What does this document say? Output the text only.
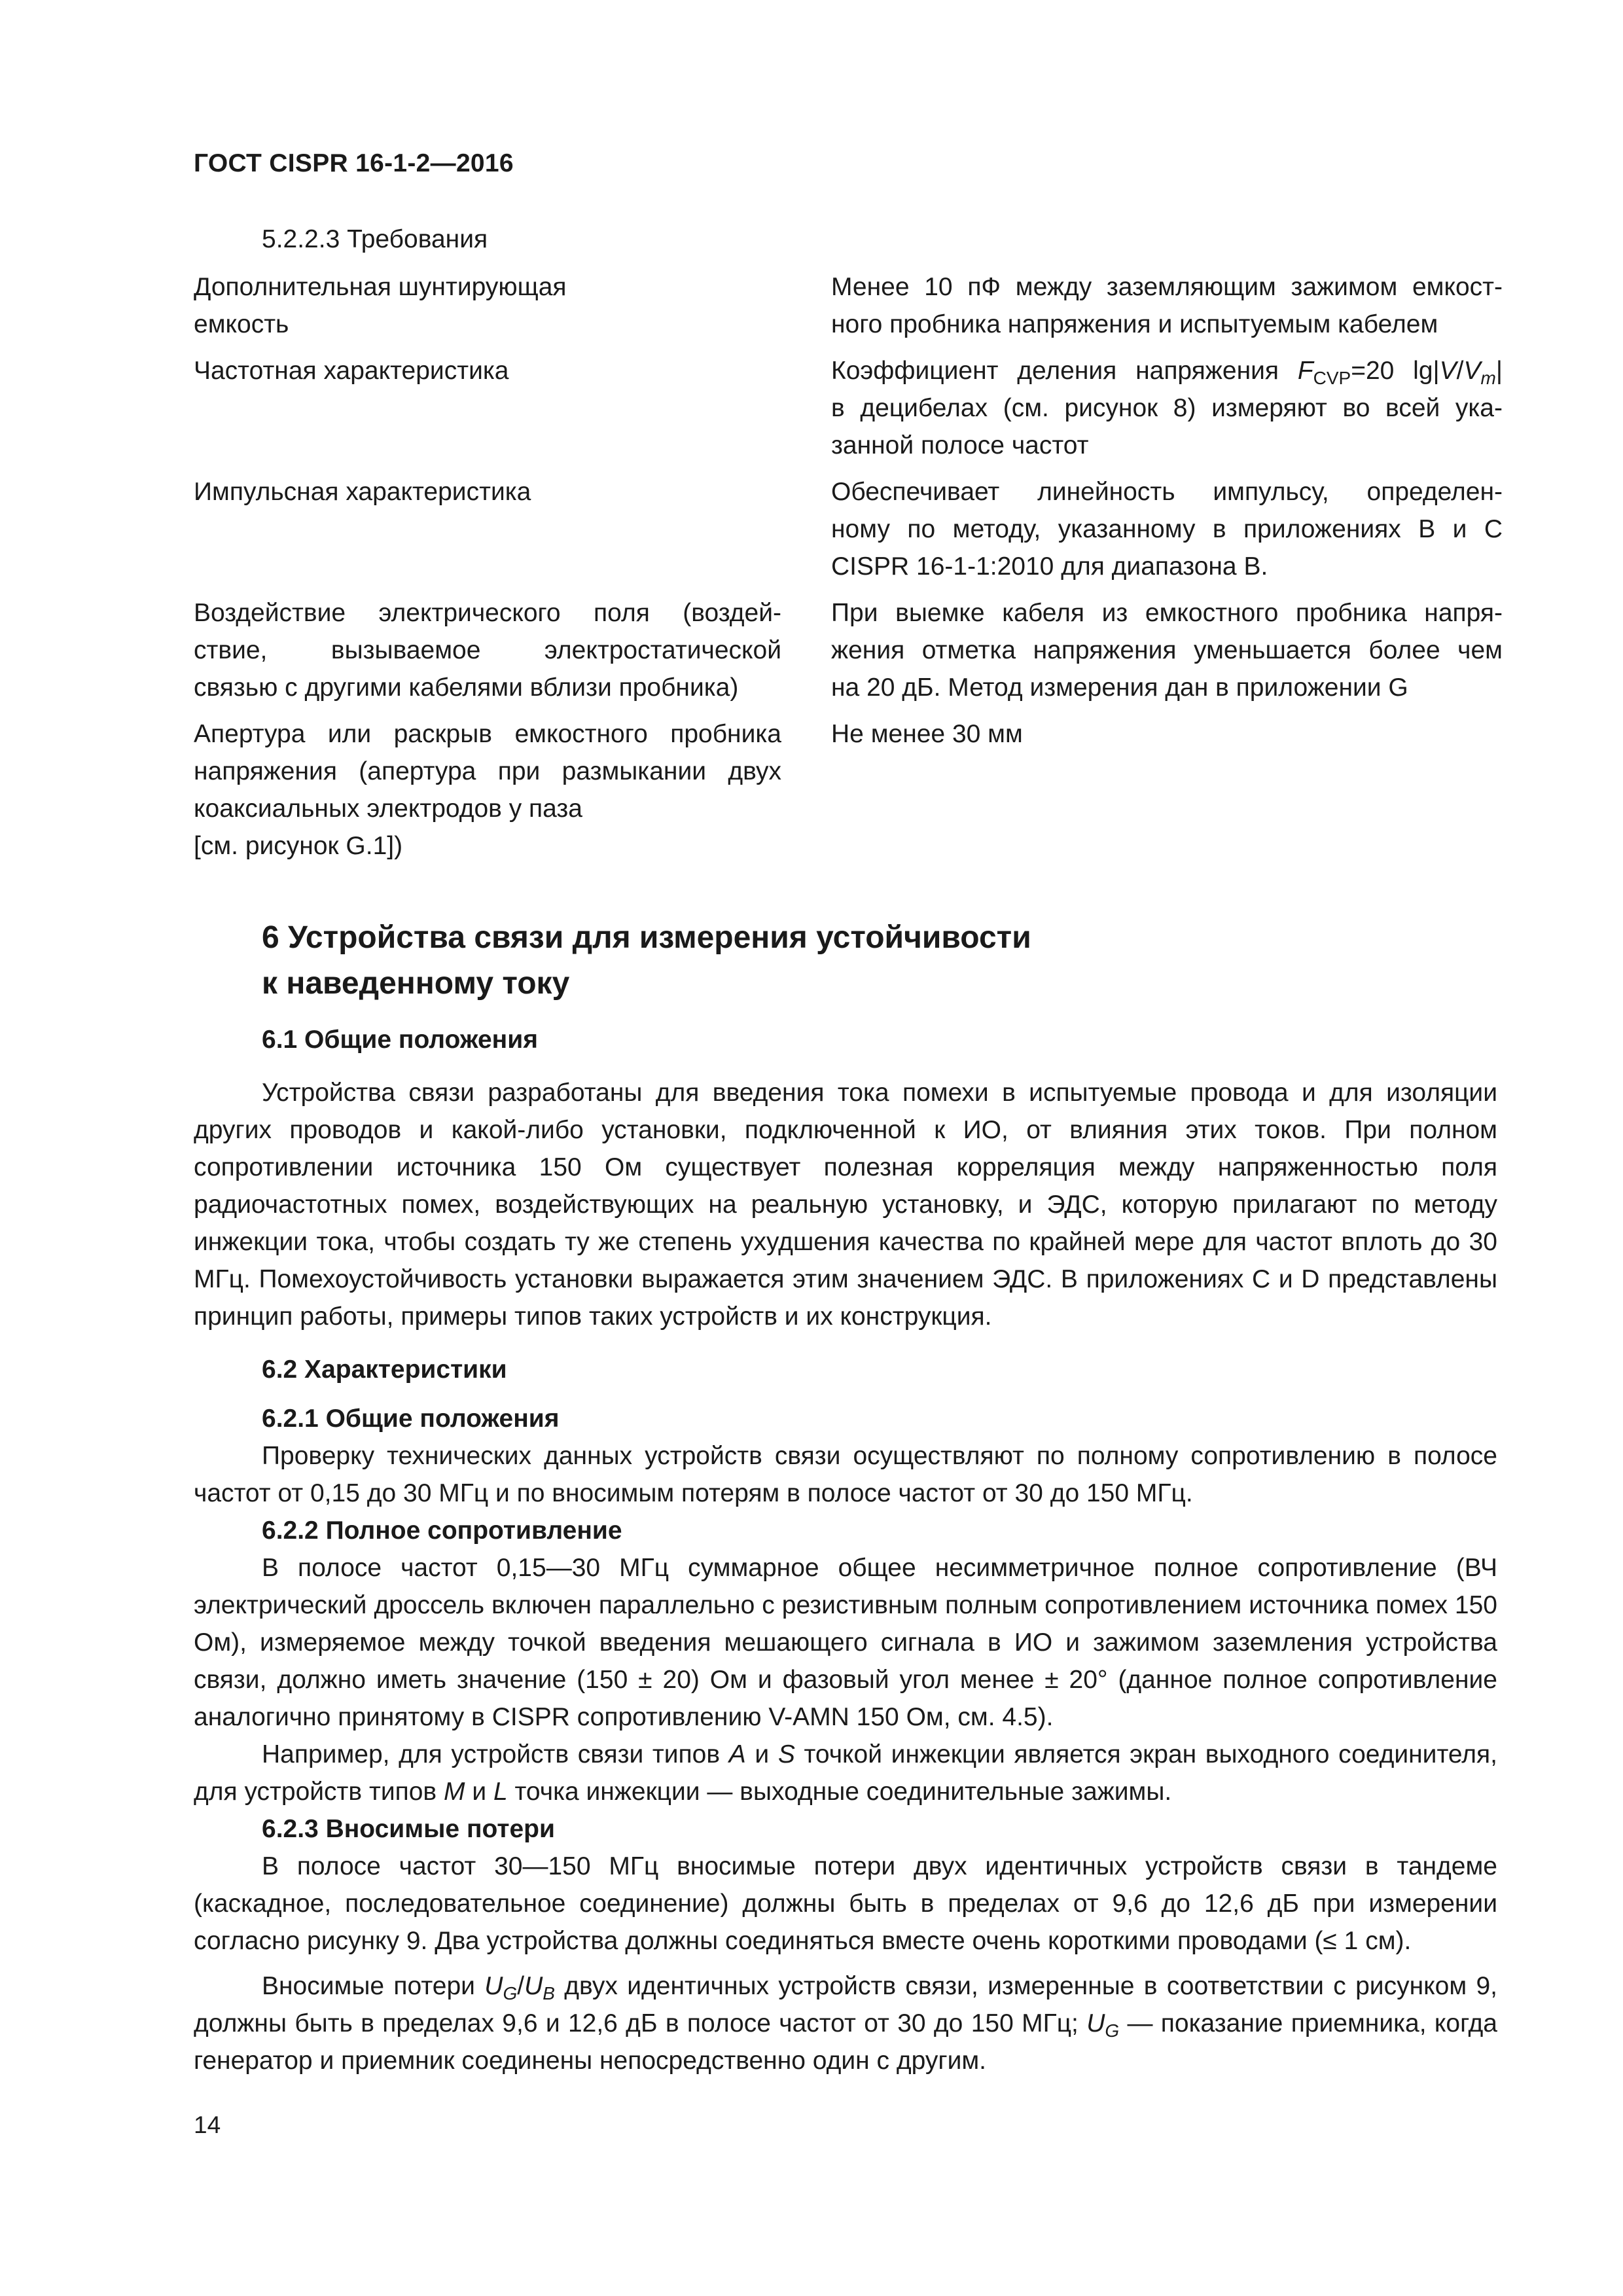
ГОСТ CISPR 16-1-2—2016
5.2.2.3 Требования
Дополнительная шунтирующая
емкость
Менее 10 пФ между заземляющим зажимом емкост-
ного пробника напряжения и испытуемым кабелем
Частотная характеристика	Коэффициент деления напряжения $F_{CVP}=20$ $\lg|V/V_m|$
в децибелах (см. рисунок 8) измеряют во всей ука-
занной полосе частот
Импульсная характеристика	Обеспечивает линейность импульсу, определен-
ному по методу, указанному в приложениях B и C
CISPR 16-1-1:2010 для диапазона B.
Воздействие электрического поля (воздей-
ствие, вызываемое электростатической
связью с другими кабелями вблизи пробника)
При выемке кабеля из емкостного пробника напря-
жения отметка напряжения уменьшается более чем
на 20 дБ. Метод измерения дан в приложении G
Апертура или раскрыв емкостного пробника
напряжения (апертура при размыкании двух
коаксиальных электродов у паза
[см. рисунок G.1])
Не менее 30 мм
6 Устройства связи для измерения устойчивости
к наведенному току

6.1 Общие положения

Устройства связи разработаны для введения тока помехи в испытуемые провода и для изоляции других проводов и какой-либо установки, подключенной к ИО, от влияния этих токов. При полном сопротивлении источника 150 Ом существует полезная корреляция между напряженностью поля радиочастотных помех, воздействующих на реальную установку, и ЭДС, которую прилагают по методу инжекции тока, чтобы создать ту же степень ухудшения качества по крайней мере для частот вплоть до 30 МГц. Помехоустойчивость установки выражается этим значением ЭДС. В приложениях C и D представлены принцип работы, примеры типов таких устройств и их конструкция.

6.2 Характеристики

6.2.1 Общие положения

Проверку технических данных устройств связи осуществляют по полному сопротивлению в полосе частот от 0,15 до 30 МГц и по вносимым потерям в полосе частот от 30 до 150 МГц.

6.2.2 Полное сопротивление

В полосе частот 0,15—30 МГц суммарное общее несимметричное полное сопротивление (ВЧ электрический дроссель включен параллельно с резистивным полным сопротивлением источника помех 150 Ом), измеряемое между точкой введения мешающего сигнала в ИО и зажимом заземления устройства связи, должно иметь значение (150 ± 20) Ом и фазовый угол менее ± 20° (данное полное сопротивление аналогично принятому в CISPR сопротивлению V-AMN 150 Ом, см. 4.5).

Например, для устройств связи типов A и S точкой инжекции является экран выходного соединителя, для устройств типов M и L точка инжекции — выходные соединительные зажимы.

6.2.3 Вносимые потери

В полосе частот 30—150 МГц вносимые потери двух идентичных устройств связи в тандеме (каскадное, последовательное соединение) должны быть в пределах от 9,6 до 12,6 дБ при измерении согласно рисунку 9. Два устройства должны соединяться вместе очень короткими проводами (≤ 1 см).

Вносимые потери $U_G/U_B$ двух идентичных устройств связи, измеренные в соответствии с рисунком 9, должны быть в пределах 9,6 и 12,6 дБ в полосе частот от 30 до 150 МГц; $U_G$ — показание приемника, когда генератор и приемник соединены непосредственно один с другим.

14
